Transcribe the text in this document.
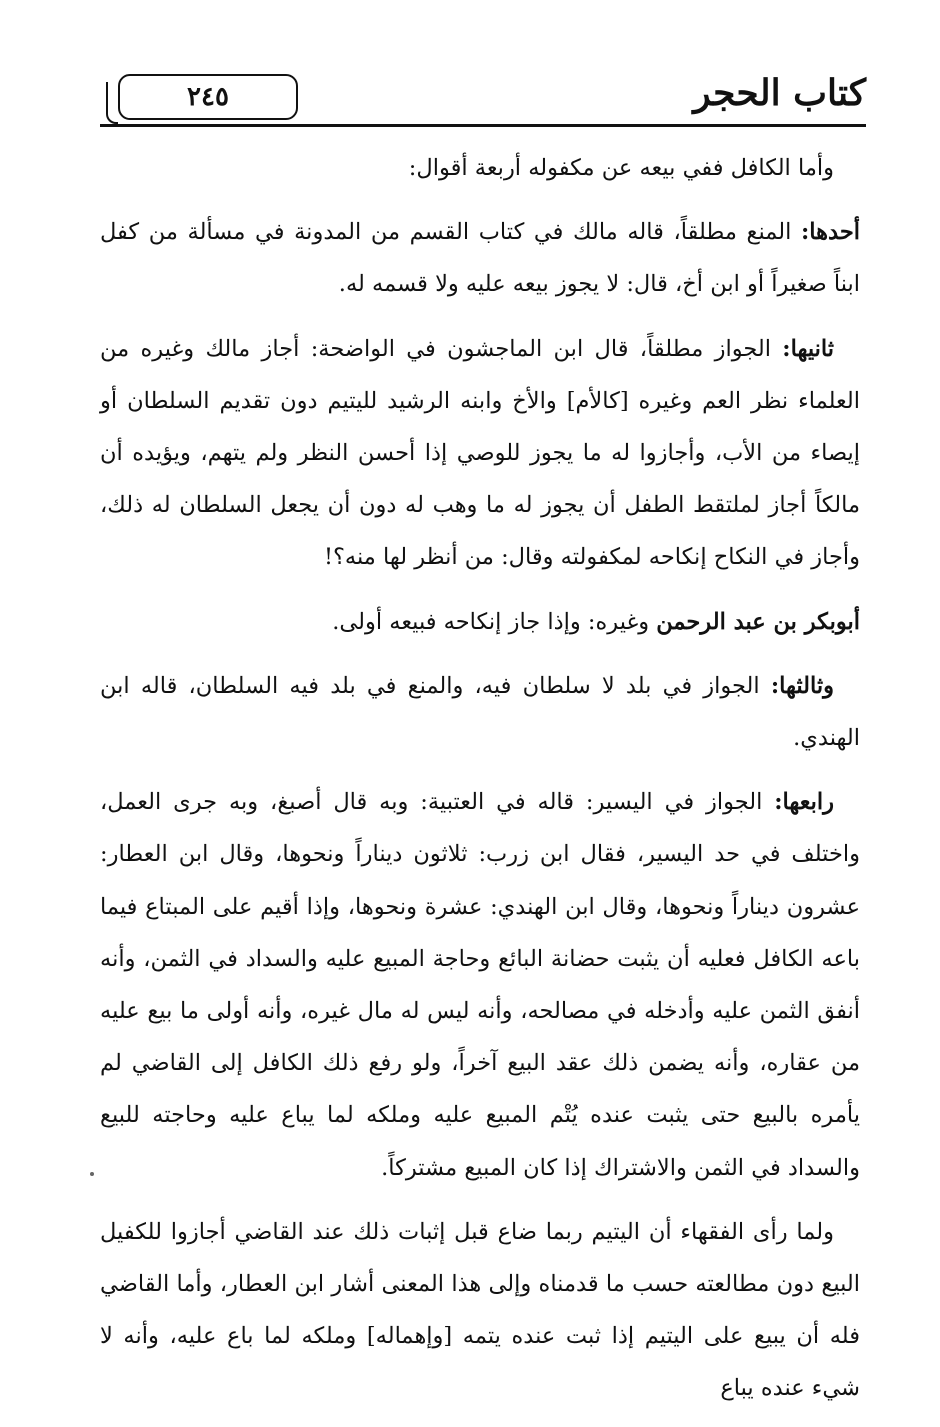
كتاب الحجر
٢٤٥

وأما الكافل ففي بيعه عن مكفوله أربعة أقوال:

أحدها: المنع مطلقاً، قاله مالك في كتاب القسم من المدونة في مسألة من كفل ابناً صغيراً أو ابن أخ، قال: لا يجوز بيعه عليه ولا قسمه له.

ثانيها: الجواز مطلقاً، قال ابن الماجشون في الواضحة: أجاز مالك وغيره من العلماء نظر العم وغيره [كالأم] والأخ وابنه الرشيد لليتيم دون تقديم السلطان أو إيصاء من الأب، وأجازوا له ما يجوز للوصي إذا أحسن النظر ولم يتهم، ويؤيده أن مالكاً أجاز لملتقط الطفل أن يجوز له ما وهب له دون أن يجعل السلطان له ذلك، وأجاز في النكاح إنكاحه لمكفولته وقال: من أنظر لها منه؟!

أبوبكر بن عبد الرحمن وغيره: وإذا جاز إنكاحه فبيعه أولى.

وثالثها: الجواز في بلد لا سلطان فيه، والمنع في بلد فيه السلطان، قاله ابن الهندي.

رابعها: الجواز في اليسير: قاله في العتبية: وبه قال أصبغ، وبه جرى العمل، واختلف في حد اليسير، فقال ابن زرب: ثلاثون ديناراً ونحوها، وقال ابن العطار: عشرون ديناراً ونحوها، وقال ابن الهندي: عشرة ونحوها، وإذا أقيم على المبتاع فيما باعه الكافل فعليه أن يثبت حضانة البائع وحاجة المبيع عليه والسداد في الثمن، وأنه أنفق الثمن عليه وأدخله في مصالحه، وأنه ليس له مال غيره، وأنه أولى ما بيع عليه من عقاره، وأنه يضمن ذلك عقد البيع آخراً، ولو رفع ذلك الكافل إلى القاضي لم يأمره بالبيع حتى يثبت عنده يُتْم المبيع عليه وملكه لما يباع عليه وحاجته للبيع والسداد في الثمن والاشتراك إذا كان المبيع مشتركاً.

ولما رأى الفقهاء أن اليتيم ربما ضاع قبل إثبات ذلك عند القاضي أجازوا للكفيل البيع دون مطالعته حسب ما قدمناه وإلى هذا المعنى أشار ابن العطار، وأما القاضي فله أن يبيع على اليتيم إذا ثبت عنده يتمه [وإهماله] وملكه لما باع عليه، وأنه لا شيء عنده يباع
